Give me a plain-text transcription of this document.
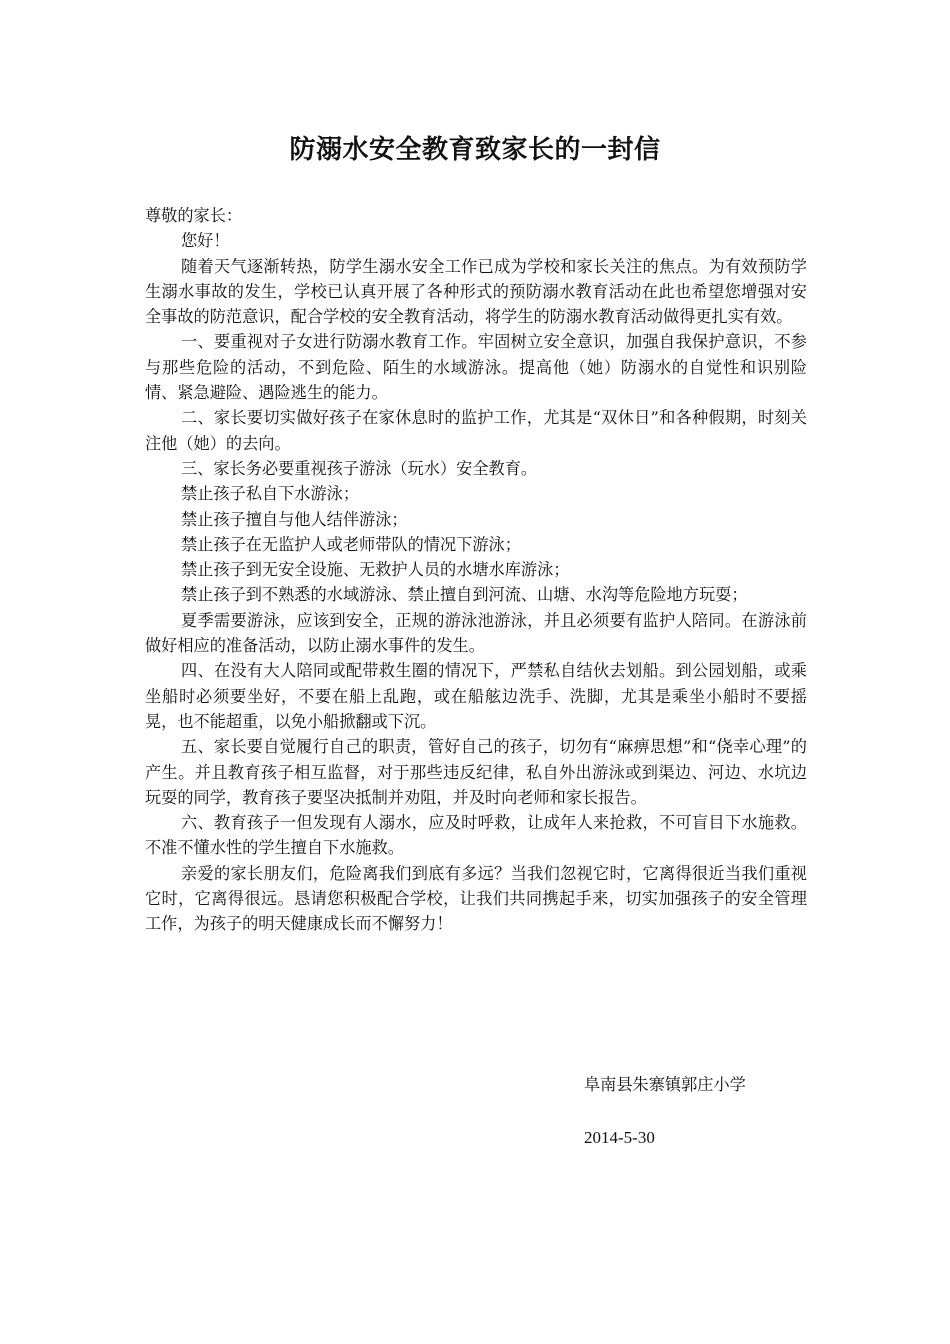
防溺水安全教育致家长的一封信

尊敬的家长：

您好！

随着天气逐渐转热，防学生溺水安全工作已成为学校和家长关注的焦点。为有效预防学生溺水事故的发生，学校已认真开展了各种形式的预防溺水教育活动在此也希望您增强对安全事故的防范意识，配合学校的安全教育活动，将学生的防溺水教育活动做得更扎实有效。

一、要重视对子女进行防溺水教育工作。牢固树立安全意识，加强自我保护意识，不参与那些危险的活动，不到危险、陌生的水域游泳。提高他（她）防溺水的自觉性和识别险情、紧急避险、遇险逃生的能力。

二、家长要切实做好孩子在家休息时的监护工作，尤其是“双休日”和各种假期，时刻关注他（她）的去向。

三、家长务必要重视孩子游泳（玩水）安全教育。

禁止孩子私自下水游泳；

禁止孩子擅自与他人结伴游泳；

禁止孩子在无监护人或老师带队的情况下游泳；

禁止孩子到无安全设施、无救护人员的水塘水库游泳；

禁止孩子到不熟悉的水域游泳、禁止擅自到河流、山塘、水沟等危险地方玩耍；

夏季需要游泳，应该到安全，正规的游泳池游泳，并且必须要有监护人陪同。在游泳前做好相应的准备活动，以防止溺水事件的发生。

四、在没有大人陪同或配带救生圈的情况下，严禁私自结伙去划船。到公园划船，或乘坐船时必须要坐好，不要在船上乱跑，或在船舷边洗手、洗脚，尤其是乘坐小船时不要摇晃，也不能超重，以免小船掀翻或下沉。

五、家长要自觉履行自己的职责，管好自己的孩子，切勿有“麻痹思想”和“侥幸心理”的产生。并且教育孩子相互监督，对于那些违反纪律，私自外出游泳或到渠边、河边、水坑边玩耍的同学，教育孩子要坚决抵制并劝阻，并及时向老师和家长报告。

六、教育孩子一但发现有人溺水，应及时呼救，让成年人来抢救，不可盲目下水施救。不准不懂水性的学生擅自下水施救。

亲爱的家长朋友们，危险离我们到底有多远？当我们忽视它时，它离得很近当我们重视它时，它离得很远。恳请您积极配合学校，让我们共同携起手来，切实加强孩子的安全管理工作，为孩子的明天健康成长而不懈努力！

阜南县朱寨镇郭庄小学
2014-5-30
